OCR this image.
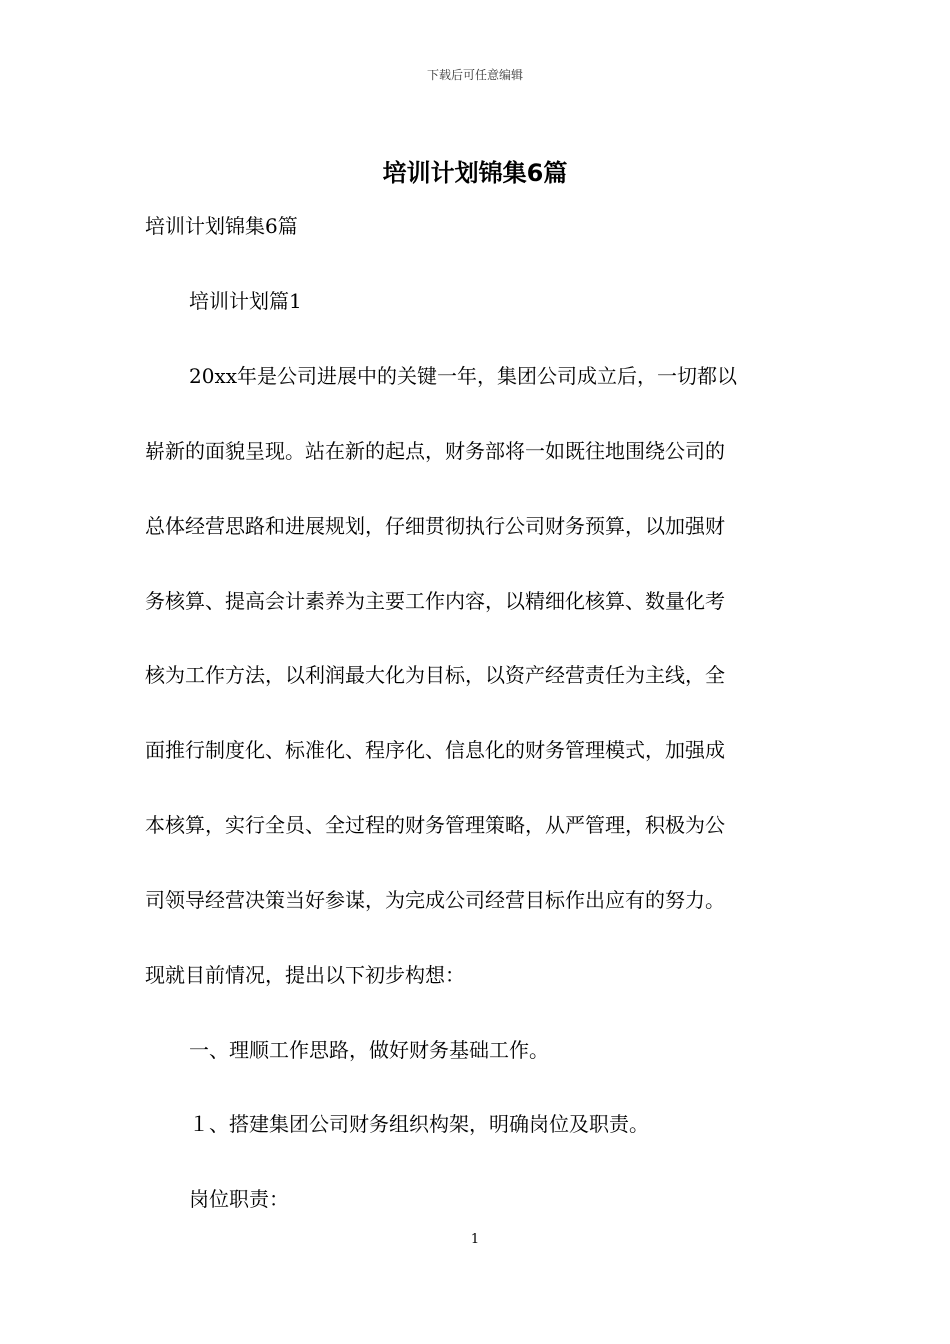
下载后可任意编辑
培训计划锦集6篇
培训计划锦集6篇
培训计划篇1
20xx年是公司进展中的关键一年，集团公司成立后，一切都以
崭新的面貌呈现。站在新的起点，财务部将一如既往地围绕公司的
总体经营思路和进展规划，仔细贯彻执行公司财务预算，以加强财
务核算、提高会计素养为主要工作内容，以精细化核算、数量化考
核为工作方法，以利润最大化为目标，以资产经营责任为主线，全
面推行制度化、标准化、程序化、信息化的财务管理模式，加强成
本核算，实行全员、全过程的财务管理策略，从严管理，积极为公
司领导经营决策当好参谋，为完成公司经营目标作出应有的努力。
现就目前情况，提出以下初步构想：
一、理顺工作思路，做好财务基础工作。
１、搭建集团公司财务组织构架，明确岗位及职责。
岗位职责：
1
